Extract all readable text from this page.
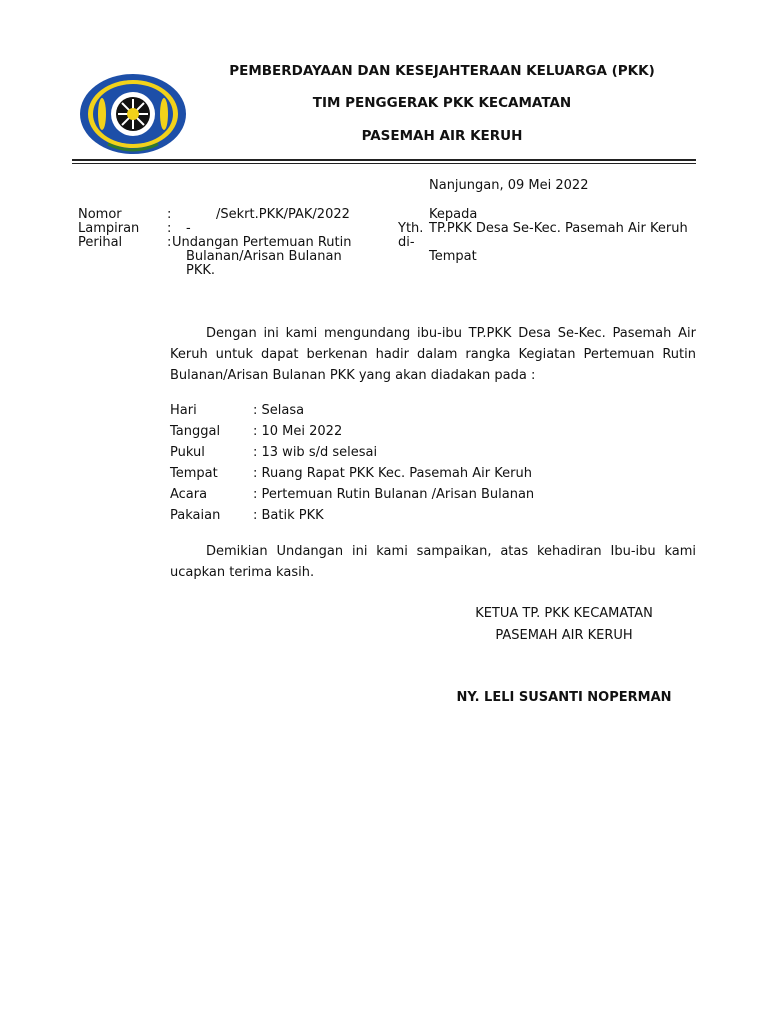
PEMBERDAYAAN DAN KESEJAHTERAAN KELUARGA (PKK)
TIM PENGGERAK PKK KECAMATAN
PASEMAH AIR KERUH
Nanjungan, 09 Mei 2022
Nomor	:	/Sekrt.PKK/PAK/2022
Lampiran : -
Perihal	: Undangan Pertemuan Rutin
Bulanan/Arisan Bulanan
PKK.
Kepada
Yth. TP.PKK Desa Se-Kec. Pasemah Air Keruh
di-
Tempat
Dengan ini kami mengundang ibu-ibu TP.PKK Desa Se-Kec. Pasemah Air Keruh untuk dapat berkenan hadir dalam rangka Kegiatan Pertemuan Rutin Bulanan/Arisan Bulanan PKK yang akan diadakan pada :
Hari	: Selasa
Tanggal	: 10 Mei 2022
Pukul	: 13 wib s/d selesai
Tempat	: Ruang Rapat PKK Kec. Pasemah Air Keruh
Acara	: Pertemuan Rutin Bulanan /Arisan Bulanan
Pakaian	: Batik PKK
Demikian Undangan ini kami sampaikan, atas kehadiran Ibu-ibu kami ucapkan terima kasih.
KETUA TP. PKK KECAMATAN
PASEMAH AIR KERUH
NY. LELI SUSANTI NOPERMAN
